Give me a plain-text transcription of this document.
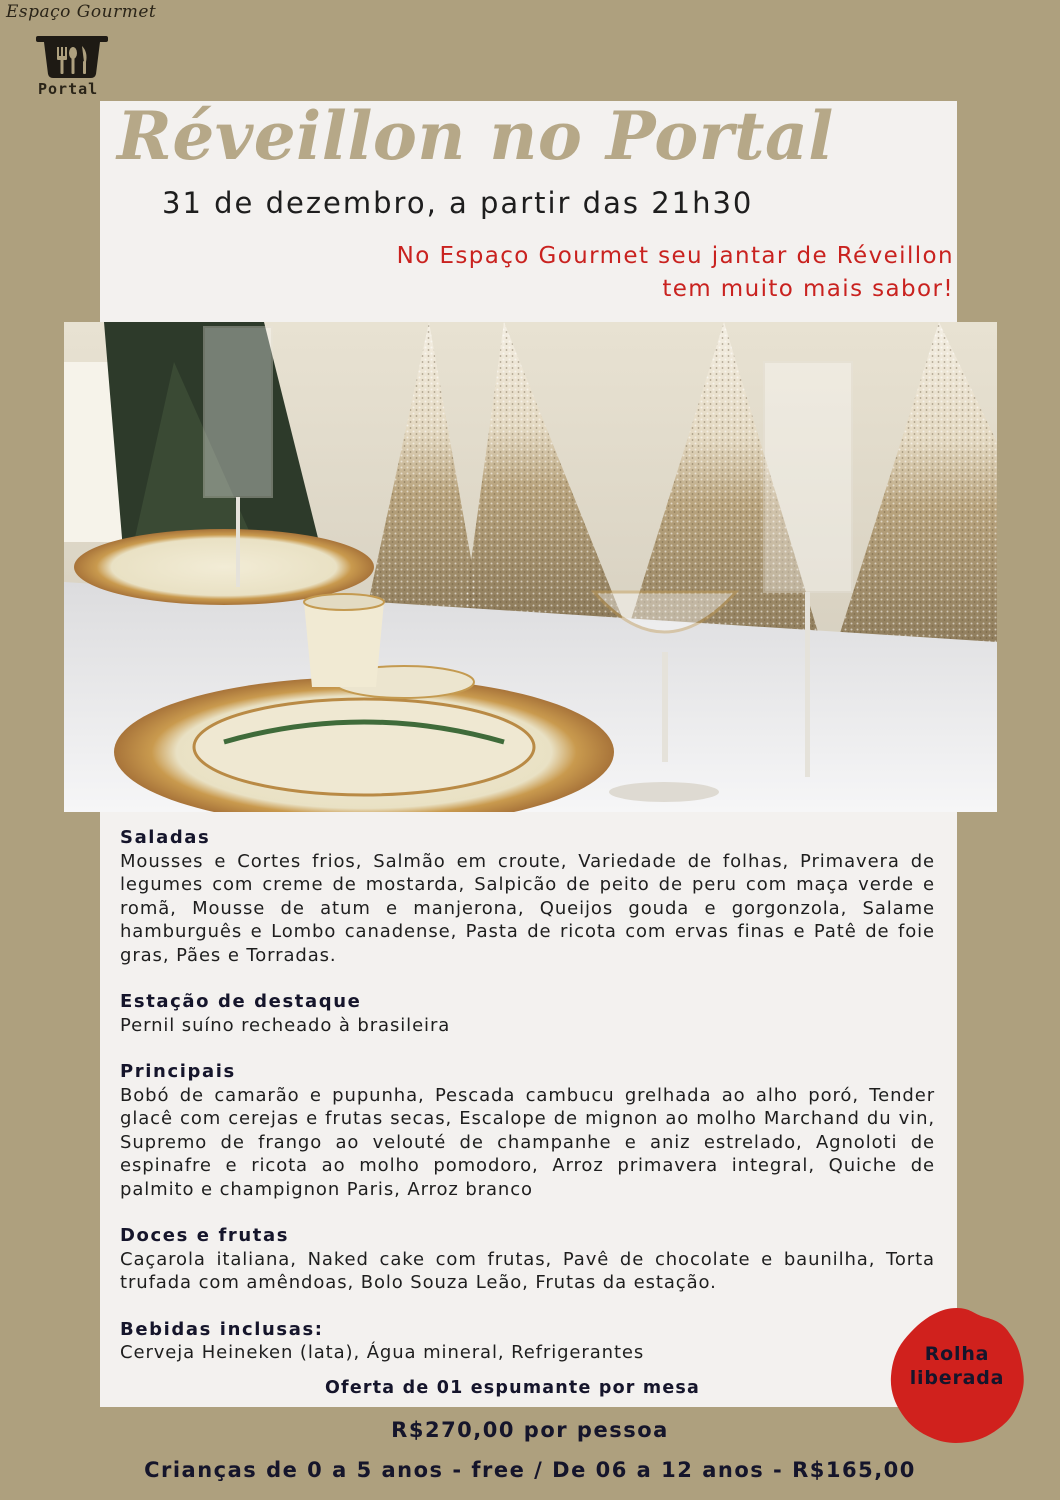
Espaço Gourmet
Portal
Réveillon no Portal
31 de dezembro, a partir das 21h30
No Espaço Gourmet seu jantar de Réveillon
tem muito mais sabor!
Saladas
Mousses e Cortes frios, Salmão em croute, Variedade de folhas, Primavera de legumes com creme de mostarda, Salpicão de peito de peru com maça verde e romã, Mousse de atum e manjerona, Queijos gouda e gorgonzola, Salame hamburguês e Lombo canadense, Pasta de ricota com ervas finas e Patê de foie gras, Pães e Torradas.
Estação de destaque
Pernil suíno recheado à brasileira
Principais
Bobó de camarão e pupunha, Pescada cambucu grelhada ao alho poró, Tender glacê com cerejas e frutas secas, Escalope de mignon ao molho Marchand du vin, Supremo de frango ao velouté de champanhe e aniz estrelado, Agnoloti de espinafre e ricota ao molho pomodoro, Arroz primavera integral, Quiche de palmito e champignon Paris, Arroz branco
Doces e frutas
Caçarola italiana, Naked cake com frutas, Pavê de chocolate e baunilha, Torta trufada com amêndoas, Bolo Souza Leão, Frutas da estação.
Bebidas inclusas:
Cerveja Heineken (lata), Água mineral, Refrigerantes
Oferta de 01 espumante por mesa
Rolha
liberada
R$270,00 por pessoa
Crianças de 0 a 5 anos - free / De 06 a 12 anos - R$165,00
